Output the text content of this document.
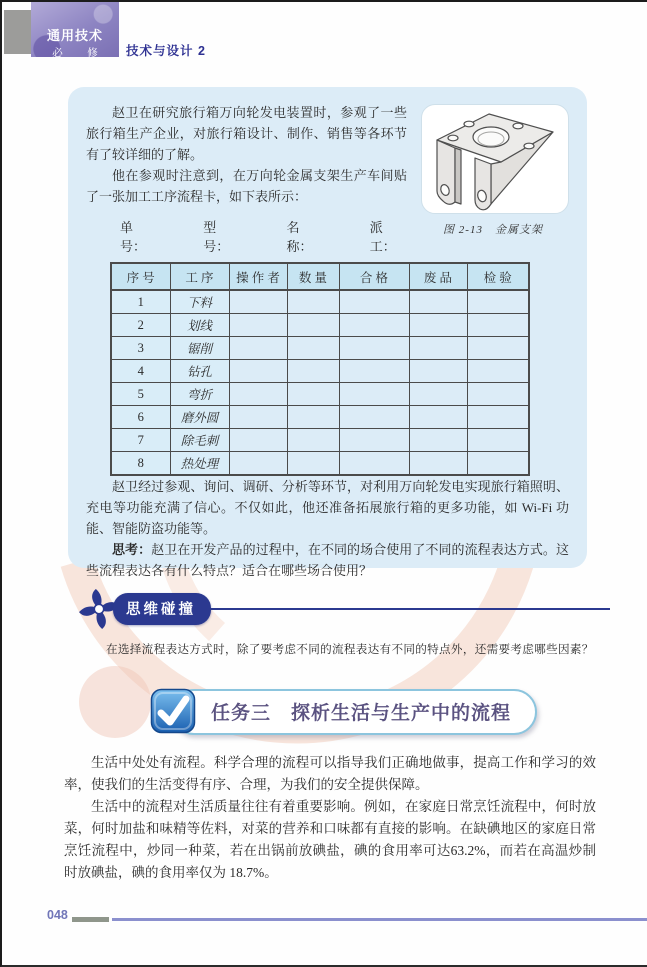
通用技术
必　修	技术与设计 2
图 2-13　金属支架

赵卫在研究旅行箱万向轮发电装置时，参观了一些旅行箱生产企业，对旅行箱设计、制作、销售等各环节有了较详细的了解。

他在参观时注意到，在万向轮金属支架生产车间贴了一张加工工序流程卡，如下表所示：

单号：
型号：
名称：
派工：
序 号	工 序	操 作 者	数 量	合 格	废 品	检 验
1	下料					
2	划线					
3	锯削					
4	钻孔					
5	弯折					
6	磨外圆					
7	除毛刺					
8	热处理					

赵卫经过参观、询问、调研、分析等环节，对利用万向轮发电实现旅行箱照明、充电等功能充满了信心。不仅如此，他还准备拓展旅行箱的更多功能，如 Wi-Fi 功能、智能防盗功能等。

思考：赵卫在开发产品的过程中，在不同的场合使用了不同的流程表达方式。这些流程表达各有什么特点？适合在哪些场合使用？

思维碰撞
在选择流程表达方式时，除了要考虑不同的流程表达有不同的特点外，还需要考虑哪些因素？
任务三　探析生活与生产中的流程

生活中处处有流程。科学合理的流程可以指导我们正确地做事，提高工作和学习的效率，使我们的生活变得有序、合理，为我们的安全提供保障。

生活中的流程对生活质量往往有着重要影响。例如，在家庭日常烹饪流程中，何时放菜，何时加盐和味精等佐料，对菜的营养和口味都有直接的影响。在缺碘地区的家庭日常烹饪流程中，炒同一种菜，若在出锅前放碘盐，碘的食用率可达63.2%，而若在高温炒制时放碘盐，碘的食用率仅为 18.7%。

048
